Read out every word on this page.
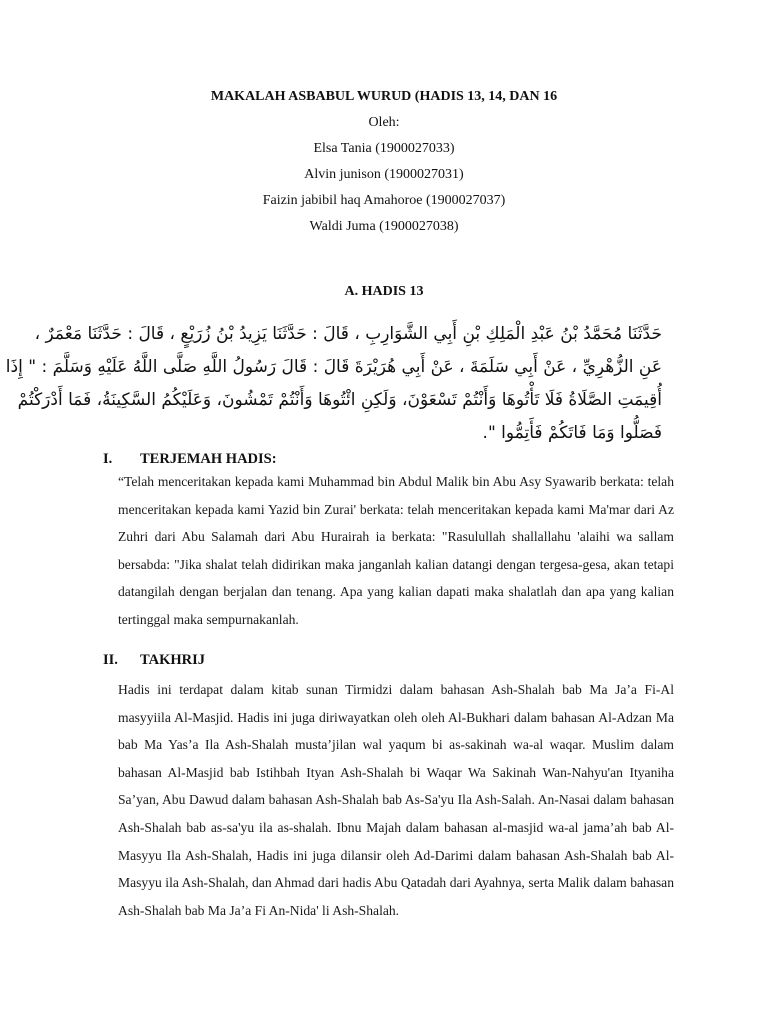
MAKALAH ASBABUL WURUD (HADIS 13, 14, DAN 16
Oleh:
Elsa Tania (1900027033)
Alvin junison (1900027031)
Faizin jabibil haq Amahoroe (1900027037)
Waldi Juma (1900027038)
A. HADIS 13
حَدَّثَنَا مُحَمَّدُ بْنُ عَبْدِ الْمَلِكِ بْنِ أَبِي الشَّوَارِبِ ، قَالَ : حَدَّثَنَا يَزِيدُ بْنُ زُرَيْعٍ ، قَالَ : حَدَّثَنَا مَعْمَرٌ ،
عَنِ الزُّهْرِيِّ ، عَنْ أَبِي سَلَمَةَ ، عَنْ أَبِي هُرَيْرَةَ قَالَ : قَالَ رَسُولُ اللَّهِ صَلَّى اللَّهُ عَلَيْهِ وَسَلَّمَ : " إِذَا
أُقِيمَتِ الصَّلَاةُ فَلَا تَأْتُوهَا وَأَنْتُمْ تَسْعَوْنَ، وَلَكِنِ ائْتُوهَا وَأَنْتُمْ تَمْشُونَ، وَعَلَيْكُمُ السَّكِينَةُ، فَمَا أَدْرَكْتُمْ
فَصَلُّوا وَمَا فَاتَكُمْ فَأَتِمُّوا ".
I. TERJEMAH HADIS:
“Telah menceritakan kepada kami Muhammad bin Abdul Malik bin Abu Asy Syawarib berkata: telah menceritakan kepada kami Yazid bin Zurai' berkata: telah menceritakan kepada kami Ma'mar dari Az Zuhri dari Abu Salamah dari Abu Hurairah ia berkata: "Rasulullah shallallahu 'alaihi wa sallam bersabda: "Jika shalat telah didirikan maka janganlah kalian datangi dengan tergesa-gesa, akan tetapi datangilah dengan berjalan dan tenang. Apa yang kalian dapati maka shalatlah dan apa yang kalian tertinggal maka sempurnakanlah.
II. TAKHRIJ
Hadis ini terdapat dalam kitab sunan Tirmidzi dalam bahasan Ash-Shalah bab Ma Ja’a Fi-Al masyyiila Al-Masjid. Hadis ini juga diriwayatkan oleh oleh Al-Bukhari dalam bahasan Al-Adzan Ma bab Ma Yas’a Ila Ash-Shalah musta’jilan wal yaqum bi as-sakinah wa-al waqar. Muslim dalam bahasan Al-Masjid bab Istihbah Ityan Ash-Shalah bi Waqar Wa Sakinah Wan-Nahyu'an Ityaniha Sa’yan, Abu Dawud dalam bahasan Ash-Shalah bab As-Sa'yu Ila Ash-Salah. An-Nasai dalam bahasan Ash-Shalah bab as-sa'yu ila as-shalah. Ibnu Majah dalam bahasan al-masjid wa-al jama’ah bab Al-Masyyu Ila Ash-Shalah, Hadis ini juga dilansir oleh Ad-Darimi dalam bahasan Ash-Shalah bab Al-Masyyu ila Ash-Shalah, dan Ahmad dari hadis Abu Qatadah dari Ayahnya, serta Malik dalam bahasan Ash-Shalah bab Ma Ja’a Fi An-Nida' li Ash-Shalah.
